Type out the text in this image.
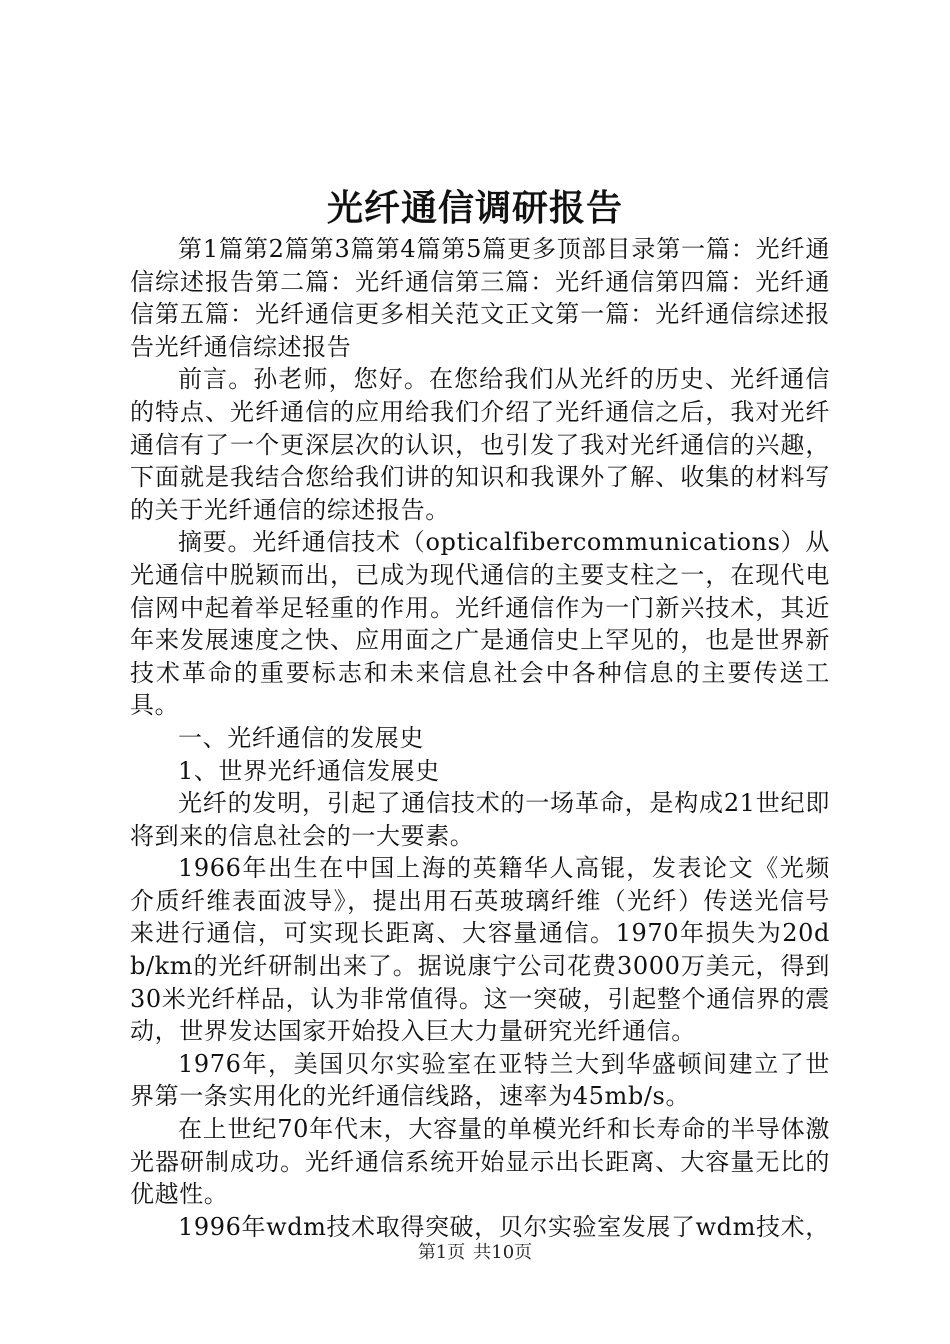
光纤通信调研报告

第1篇第2篇第3篇第4篇第5篇更多顶部目录第一篇：光纤通信综述报告第二篇：光纤通信第三篇：光纤通信第四篇：光纤通信第五篇：光纤通信更多相关范文正文第一篇：光纤通信综述报告光纤通信综述报告

前言。孙老师，您好。在您给我们从光纤的历史、光纤通信的特点、光纤通信的应用给我们介绍了光纤通信之后，我对光纤通信有了一个更深层次的认识，也引发了我对光纤通信的兴趣，下面就是我结合您给我们讲的知识和我课外了解、收集的材料写的关于光纤通信的综述报告。

摘要。光纤通信技术（opticalfibercommunications）从光通信中脱颖而出，已成为现代通信的主要支柱之一，在现代电信网中起着举足轻重的作用。光纤通信作为一门新兴技术，其近年来发展速度之快、应用面之广是通信史上罕见的，也是世界新技术革命的重要标志和未来信息社会中各种信息的主要传送工具。

一、光纤通信的发展史

1、世界光纤通信发展史

光纤的发明，引起了通信技术的一场革命，是构成21世纪即将到来的信息社会的一大要素。

1966年出生在中国上海的英籍华人高锟，发表论文《光频介质纤维表面波导》，提出用石英玻璃纤维（光纤）传送光信号来进行通信，可实现长距离、大容量通信。1970年损失为20db/km的光纤研制出来了。据说康宁公司花费3000万美元，得到30米光纤样品，认为非常值得。这一突破，引起整个通信界的震动，世界发达国家开始投入巨大力量研究光纤通信。

1976年，美国贝尔实验室在亚特兰大到华盛顿间建立了世界第一条实用化的光纤通信线路，速率为45mb/s。

在上世纪70年代末，大容量的单模光纤和长寿命的半导体激光器研制成功。光纤通信系统开始显示出长距离、大容量无比的优越性。

1996年wdm技术取得突破，贝尔实验室发展了wdm技术，

第1页 共10页
